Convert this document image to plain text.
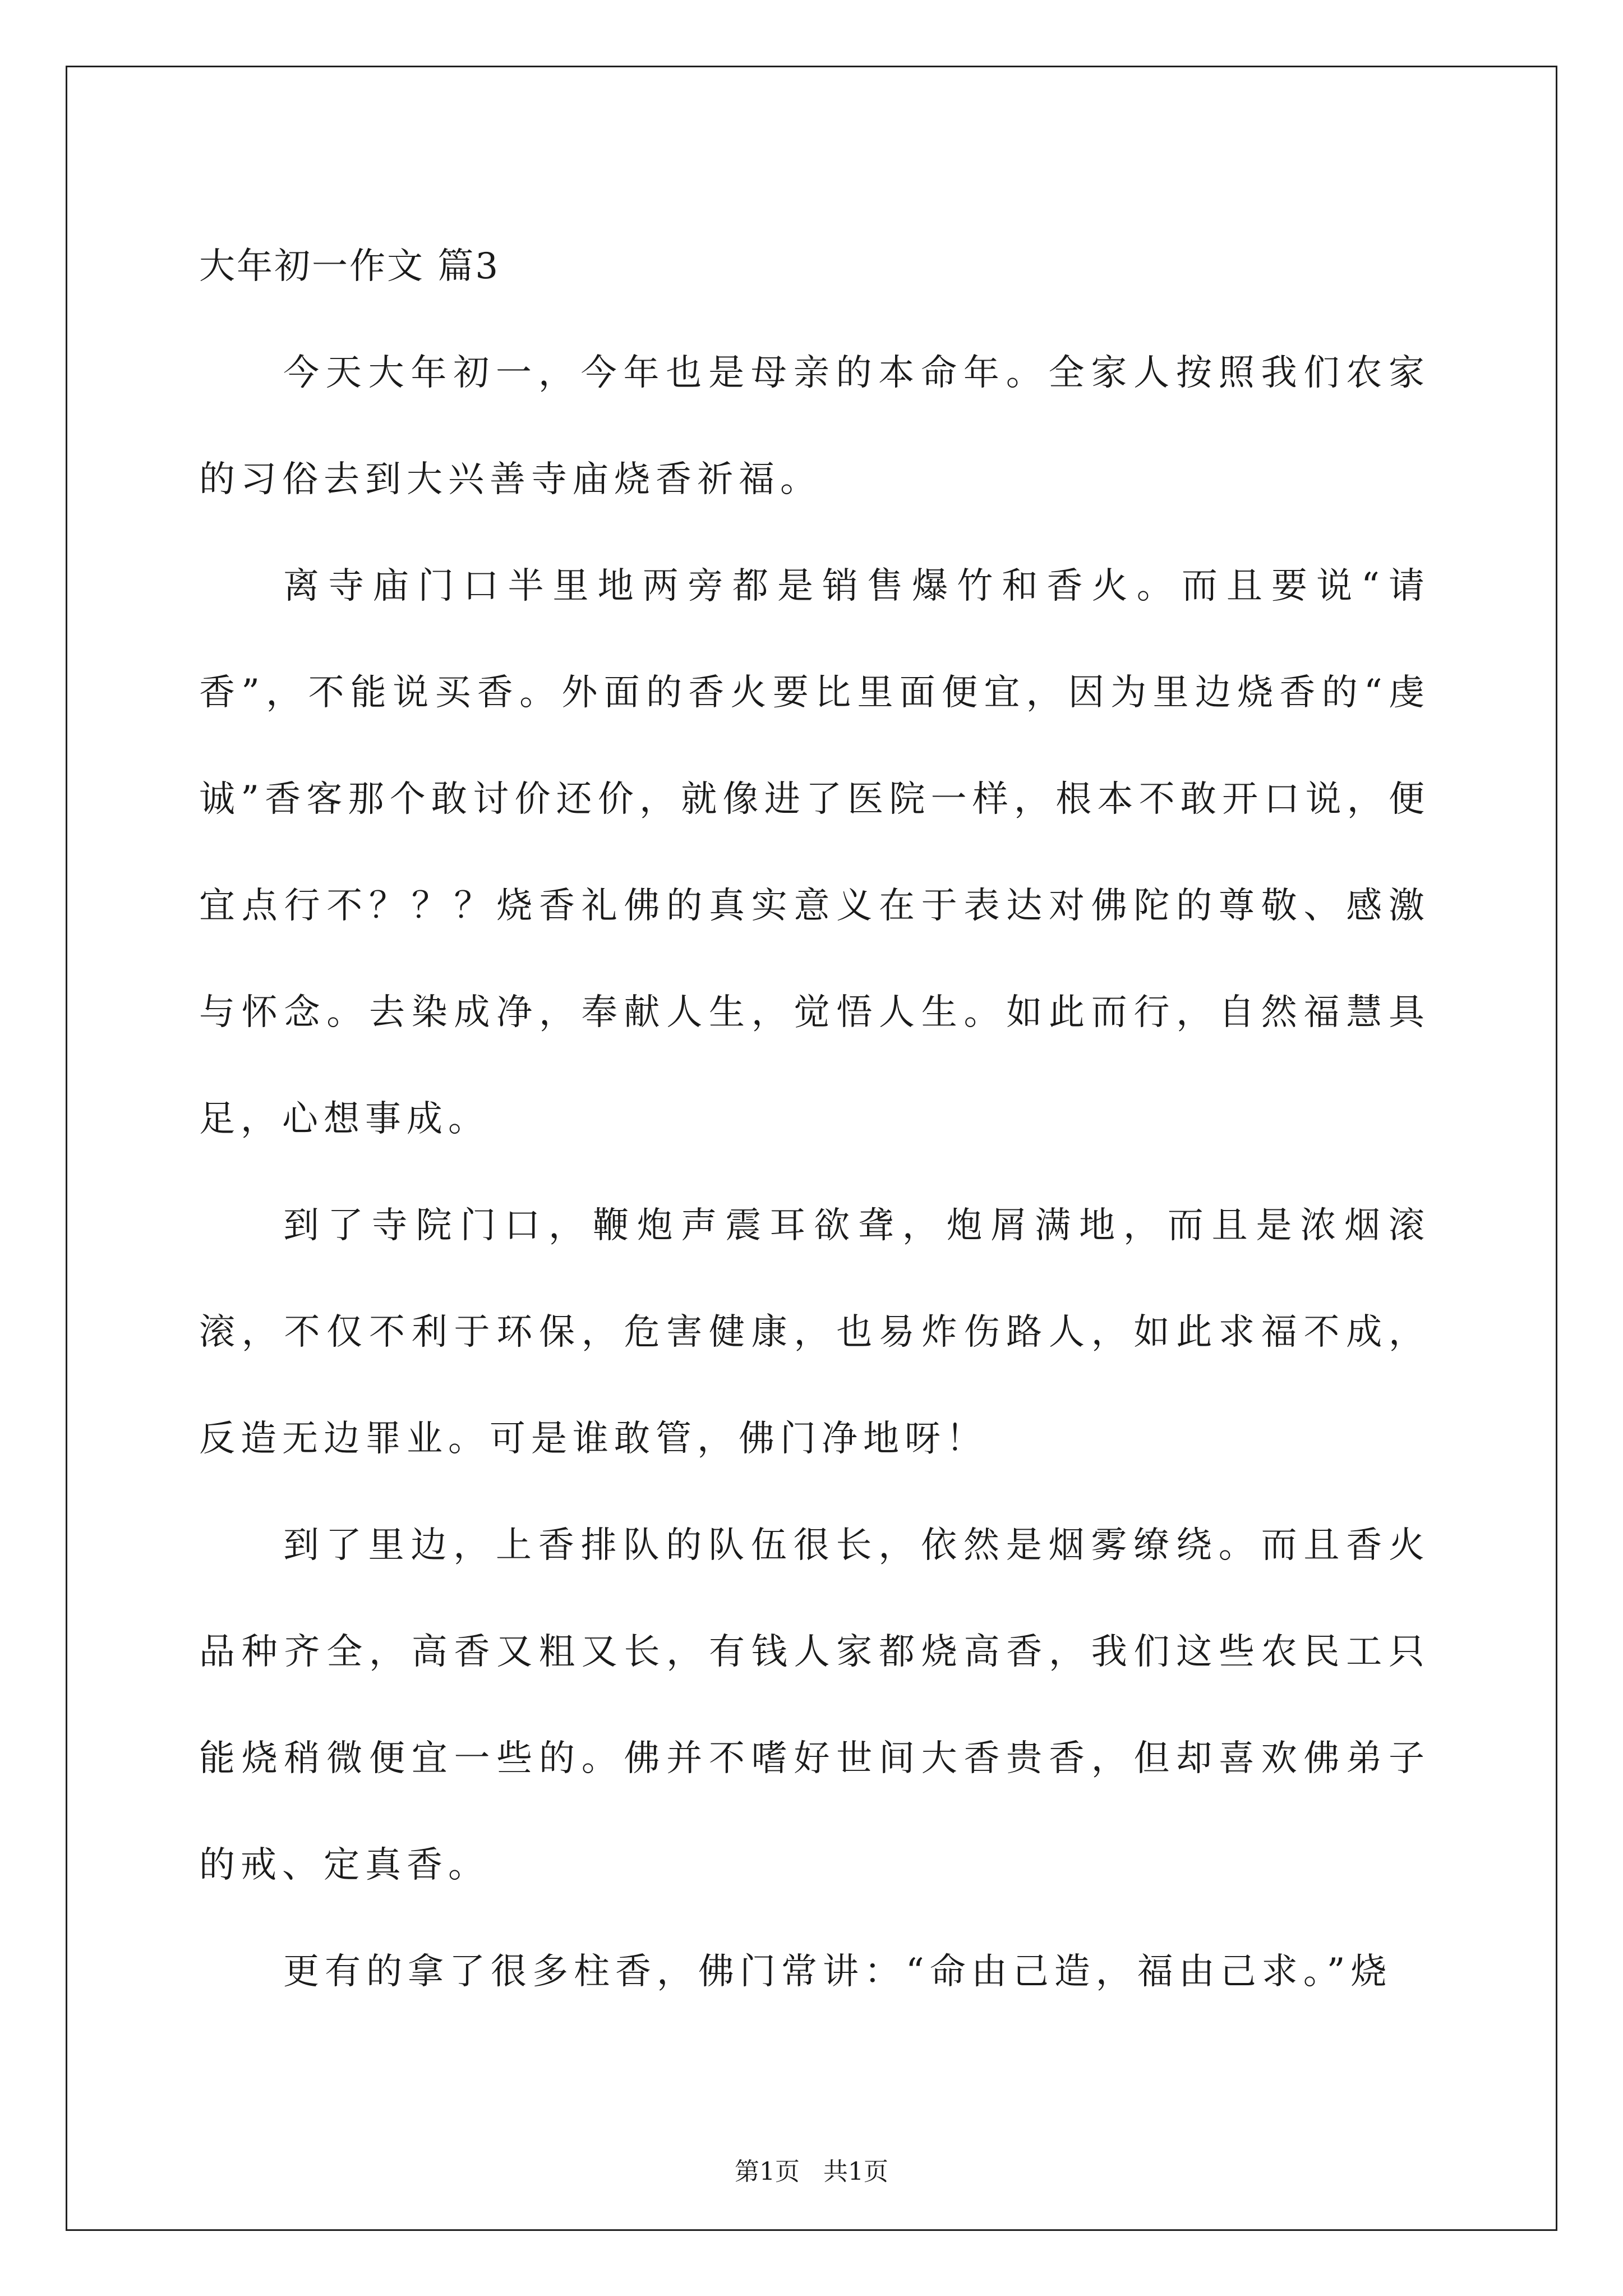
大年初一作文 篇3

今天大年初一，今年也是母亲的本命年。全家人按照我们农家的习俗去到大兴善寺庙烧香祈福。

离寺庙门口半里地两旁都是销售爆竹和香火。而且要说“请香”，不能说买香。外面的香火要比里面便宜，因为里边烧香的“虔诚”香客那个敢讨价还价，就像进了医院一样，根本不敢开口说，便宜点行不？？？烧香礼佛的真实意义在于表达对佛陀的尊敬、感激与怀念。去染成净，奉献人生，觉悟人生。如此而行，自然福慧具足，心想事成。

到了寺院门口，鞭炮声震耳欲聋，炮屑满地，而且是浓烟滚滚，不仅不利于环保，危害健康，也易炸伤路人，如此求福不成，反造无边罪业。可是谁敢管，佛门净地呀！

到了里边，上香排队的队伍很长，依然是烟雾缭绕。而且香火品种齐全，高香又粗又长，有钱人家都烧高香，我们这些农民工只能烧稍微便宜一些的。佛并不嗜好世间大香贵香，但却喜欢佛弟子的戒、定真香。

更有的拿了很多柱香，佛门常讲：“命由己造，福由己求。”烧

第1页   共1页
